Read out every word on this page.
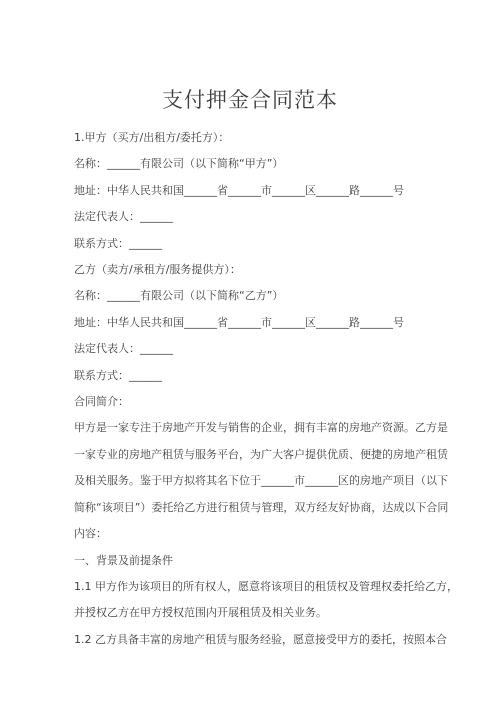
支付押金合同范本

1.甲方（买方/出租方/委托方）：

名称：______有限公司（以下简称“甲方”）

地址：中华人民共和国______省______市______区______路______号

法定代表人：______

联系方式：______

乙方（卖方/承租方/服务提供方）：

名称：______有限公司（以下简称“乙方”）

地址：中华人民共和国______省______市______区______路______号

法定代表人：______

联系方式：______

合同简介：

甲方是一家专注于房地产开发与销售的企业，拥有丰富的房地产资源。乙方是

一家专业的房地产租赁与服务平台，为广大客户提供优质、便捷的房地产租赁

及相关服务。鉴于甲方拟将其名下位于______市______区的房地产项目（以下

简称“该项目”）委托给乙方进行租赁与管理，双方经友好协商，达成以下合同

内容：

一、背景及前提条件

1.1 甲方作为该项目的所有权人，愿意将该项目的租赁权及管理权委托给乙方，

并授权乙方在甲方授权范围内开展租赁及相关业务。

1.2 乙方具备丰富的房地产租赁与服务经验，愿意接受甲方的委托，按照本合
